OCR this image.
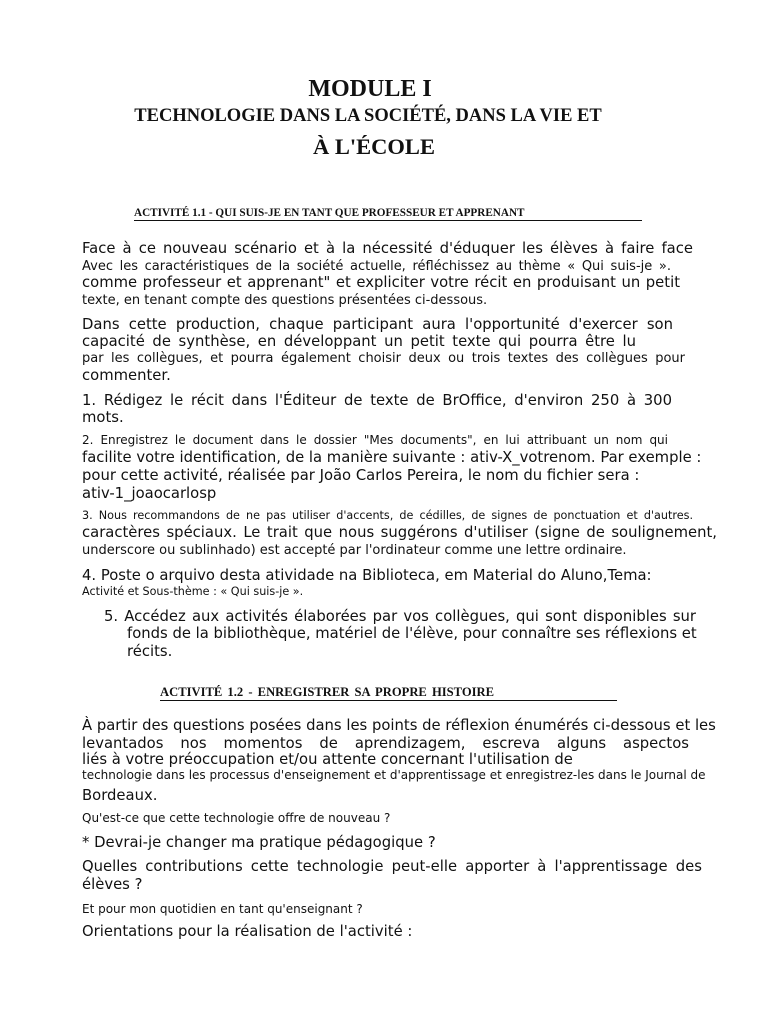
MODULE I
TECHNOLOGIE DANS LA SOCIÉTÉ, DANS LA VIE ET
À L'ÉCOLE
ACTIVITÉ 1.1 - QUI SUIS-JE EN TANT QUE PROFESSEUR ET APPRENANT
Face à ce nouveau scénario et à la nécessité d'éduquer les élèves à faire face
Avec les caractéristiques de la société actuelle, réfléchissez au thème « Qui suis-je ».
comme professeur et apprenant" et expliciter votre récit en produisant un petit
texte, en tenant compte des questions présentées ci-dessous.
Dans cette production, chaque participant aura l'opportunité d'exercer son
capacité de synthèse, en développant un petit texte qui pourra être lu
par les collègues, et pourra également choisir deux ou trois textes des collègues pour
commenter.
1. Rédigez le récit dans l'Éditeur de texte de BrOffice, d'environ 250 à 300
mots.
2. Enregistrez le document dans le dossier "Mes documents", en lui attribuant un nom qui
facilite votre identification, de la manière suivante : ativ-X_votrenom. Par exemple :
pour cette activité, réalisée par João Carlos Pereira, le nom du fichier sera :
ativ-1_joaocarlosp
3. Nous recommandons de ne pas utiliser d'accents, de cédilles, de signes de ponctuation et d'autres.
caractères spéciaux. Le trait que nous suggérons d'utiliser (signe de soulignement,
underscore ou sublinhado) est accepté par l'ordinateur comme une lettre ordinaire.
4. Poste o arquivo desta atividade na Biblioteca, em Material do Aluno,Tema:
Activité et Sous-thème : « Qui suis-je ».
5. Accédez aux activités élaborées par vos collègues, qui sont disponibles sur
fonds de la bibliothèque, matériel de l'élève, pour connaître ses réflexions et
récits.
ACTIVITÉ 1.2 - ENREGISTRER SA PROPRE HISTOIRE
À partir des questions posées dans les points de réflexion énumérés ci-dessous et les
levantados nos momentos de aprendizagem, escreva alguns aspectos
liés à votre préoccupation et/ou attente concernant l'utilisation de
technologie dans les processus d'enseignement et d'apprentissage et enregistrez-les dans le Journal de
Bordeaux.
Qu'est-ce que cette technologie offre de nouveau ?
* Devrai-je changer ma pratique pédagogique ?
Quelles contributions cette technologie peut-elle apporter à l'apprentissage des
élèves ?
Et pour mon quotidien en tant qu'enseignant ?
Orientations pour la réalisation de l'activité :
